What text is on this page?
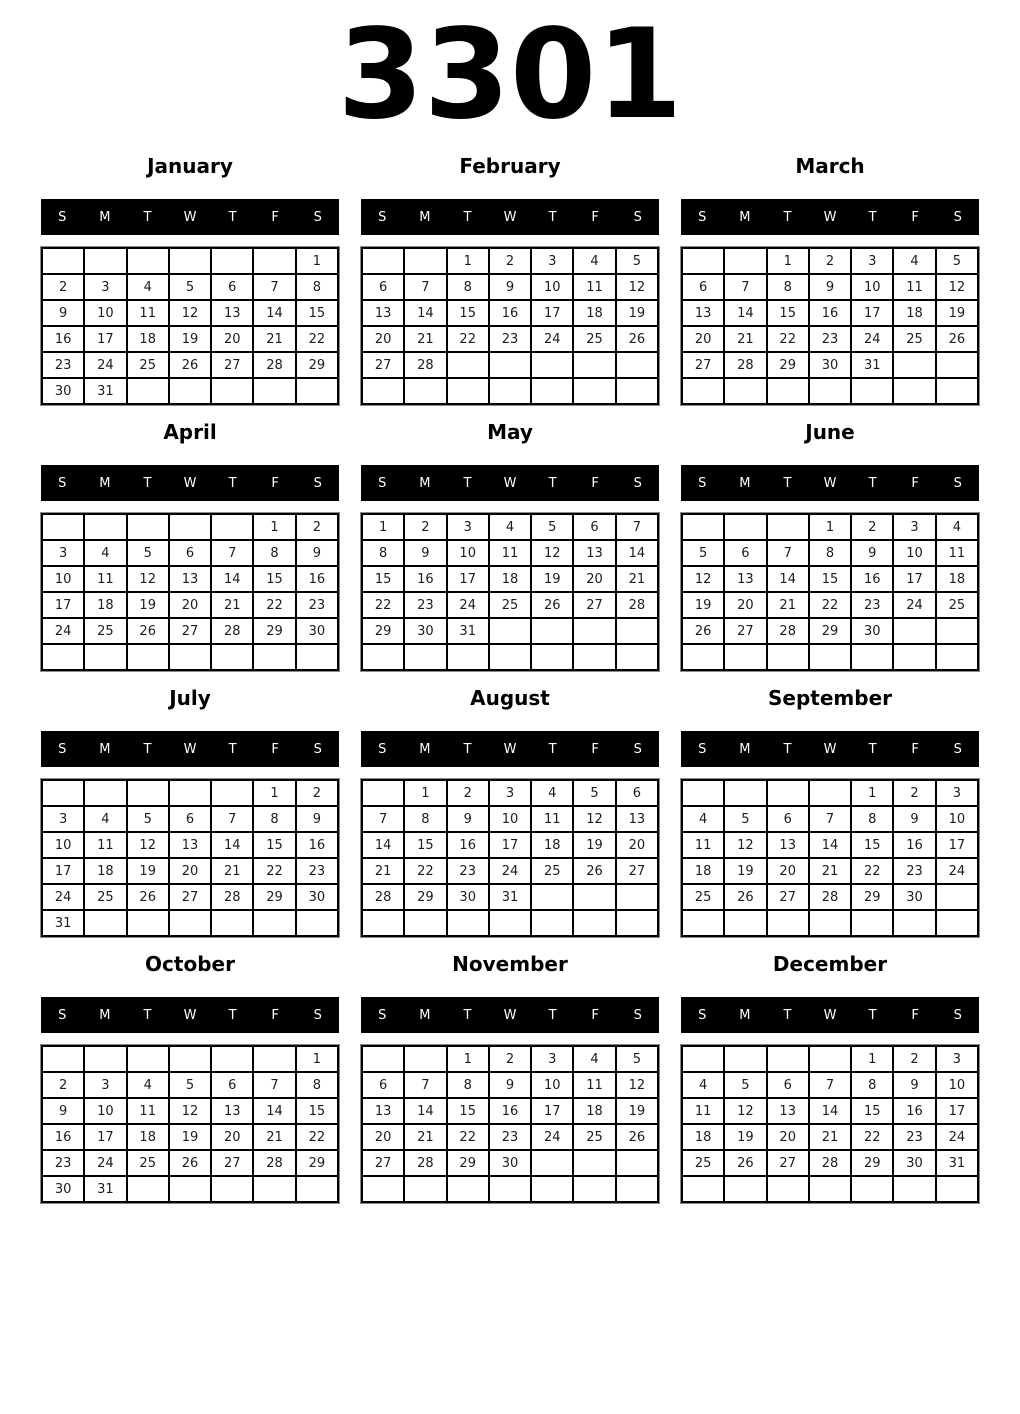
3301
January
S	M	T	W	T	F	S
						1
2	3	4	5	6	7	8
9	10	11	12	13	14	15
16	17	18	19	20	21	22
23	24	25	26	27	28	29
30	31					
February
S	M	T	W	T	F	S
		1	2	3	4	5
6	7	8	9	10	11	12
13	14	15	16	17	18	19
20	21	22	23	24	25	26
27	28					

March
S	M	T	W	T	F	S
		1	2	3	4	5
6	7	8	9	10	11	12
13	14	15	16	17	18	19
20	21	22	23	24	25	26
27	28	29	30	31		

April
S	M	T	W	T	F	S
					1	2
3	4	5	6	7	8	9
10	11	12	13	14	15	16
17	18	19	20	21	22	23
24	25	26	27	28	29	30

May
S	M	T	W	T	F	S
1	2	3	4	5	6	7
8	9	10	11	12	13	14
15	16	17	18	19	20	21
22	23	24	25	26	27	28
29	30	31				

June
S	M	T	W	T	F	S
			1	2	3	4
5	6	7	8	9	10	11
12	13	14	15	16	17	18
19	20	21	22	23	24	25
26	27	28	29	30		

July
S	M	T	W	T	F	S
					1	2
3	4	5	6	7	8	9
10	11	12	13	14	15	16
17	18	19	20	21	22	23
24	25	26	27	28	29	30
31						
August
S	M	T	W	T	F	S
	1	2	3	4	5	6
7	8	9	10	11	12	13
14	15	16	17	18	19	20
21	22	23	24	25	26	27
28	29	30	31			

September
S	M	T	W	T	F	S
				1	2	3
4	5	6	7	8	9	10
11	12	13	14	15	16	17
18	19	20	21	22	23	24
25	26	27	28	29	30	

October
S	M	T	W	T	F	S
						1
2	3	4	5	6	7	8
9	10	11	12	13	14	15
16	17	18	19	20	21	22
23	24	25	26	27	28	29
30	31					
November
S	M	T	W	T	F	S
		1	2	3	4	5
6	7	8	9	10	11	12
13	14	15	16	17	18	19
20	21	22	23	24	25	26
27	28	29	30			

December
S	M	T	W	T	F	S
				1	2	3
4	5	6	7	8	9	10
11	12	13	14	15	16	17
18	19	20	21	22	23	24
25	26	27	28	29	30	31
